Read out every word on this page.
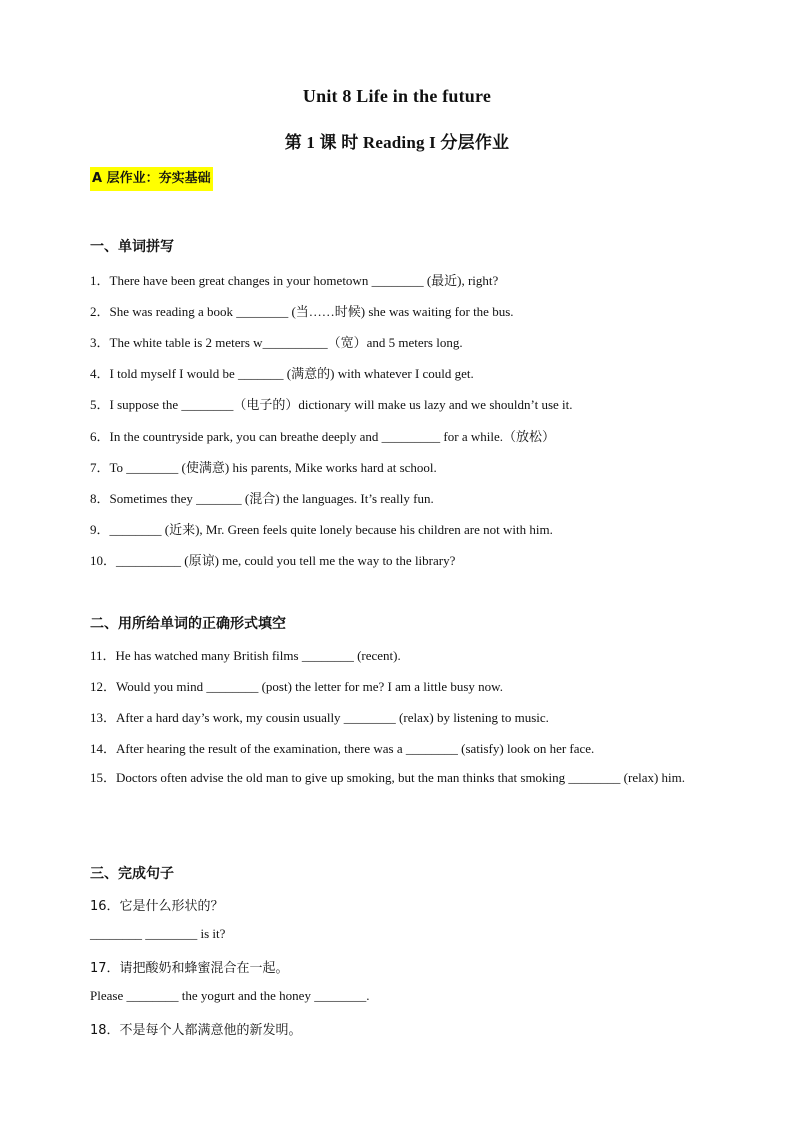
Unit 8 Life in the future
第 1 课 时 Reading I 分层作业
A 层作业：夯实基础
一、单词拼写
1．There have been great changes in your hometown ________ (最近), right?
2．She was reading a book ________ (当……时候) she was waiting for the bus.
3．The white table is 2 meters w__________（宽）and 5 meters long.
4．I told myself I would be _______ (满意的) with whatever I could get.
5．I suppose the ________（电子的）dictionary will make us lazy and we shouldn’t use it.
6．In the countryside park, you can breathe deeply and _________ for a while.（放松）
7．To ________ (使满意) his parents, Mike works hard at school.
8．Sometimes they _______ (混合) the languages. It’s really fun.
9．________ (近来), Mr. Green feels quite lonely because his children are not with him.
10．__________ (原谅) me, could you tell me the way to the library?
二、用所给单词的正确形式填空
11．He has watched many British films ________ (recent).
12．Would you mind ________ (post) the letter for me? I am a little busy now.
13．After a hard day’s work, my cousin usually ________ (relax) by listening to music.
14．After hearing the result of the examination, there was a ________ (satisfy) look on her face.
15．Doctors often advise the old man to give up smoking, but the man thinks that smoking ________ (relax) him.
三、完成句子
16．它是什么形状的？
________ ________ is it?
17．请把酸奶和蜂蜜混合在一起。
Please ________ the yogurt and the honey ________.
18．不是每个人都满意他的新发明。
